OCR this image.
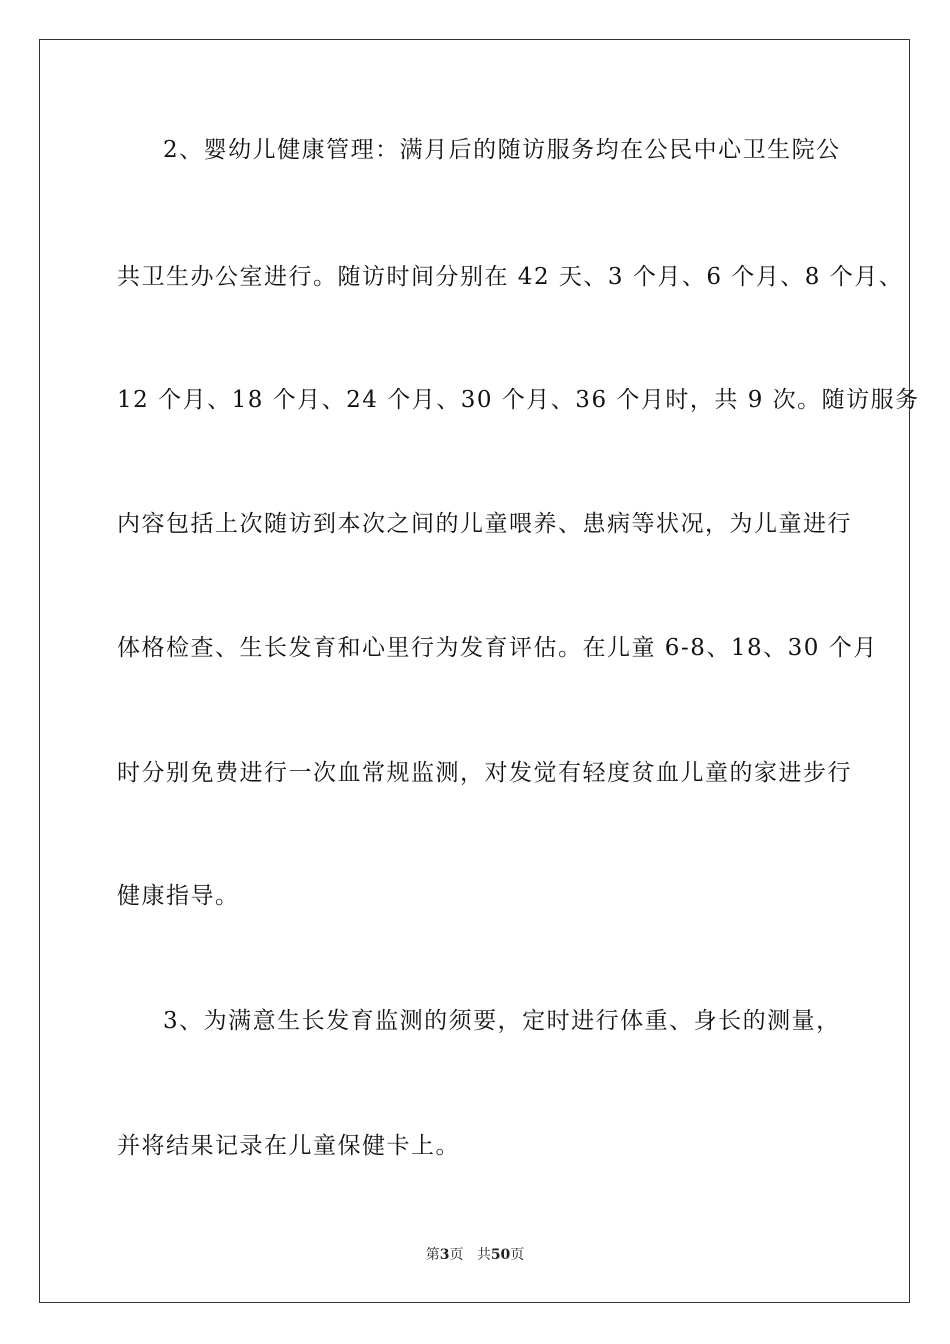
2、婴幼儿健康管理：满月后的随访服务均在公民中心卫生院公
共卫生办公室进行。随访时间分别在 42 天、3 个月、6 个月、8 个月、
12 个月、18 个月、24 个月、30 个月、36 个月时，共 9 次。随访服务
内容包括上次随访到本次之间的儿童喂养、患病等状况，为儿童进行
体格检查、生长发育和心里行为发育评估。在儿童 6-8、18、30 个月
时分别免费进行一次血常规监测，对发觉有轻度贫血儿童的家进步行
健康指导。
3、为满意生长发育监测的须要，定时进行体重、身长的测量，
并将结果记录在儿童保健卡上。
第3页 共50页
